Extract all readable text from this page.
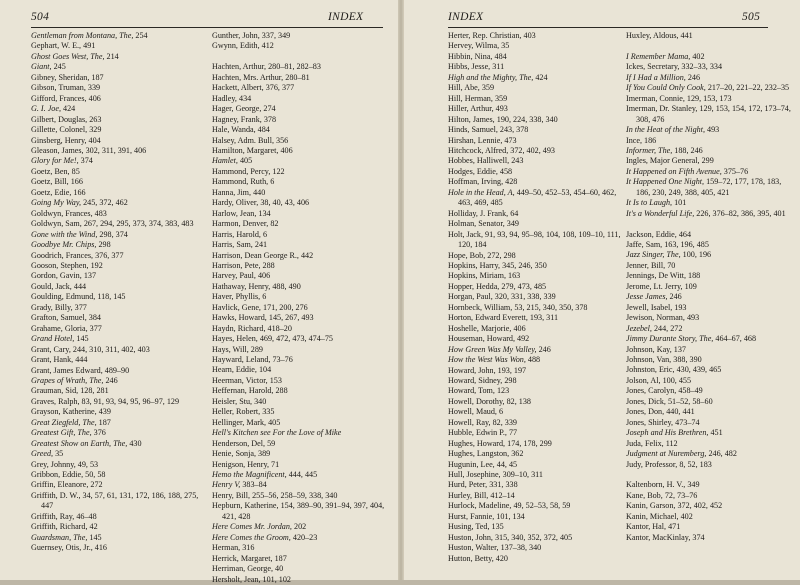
504	INDEX
Gentleman from Montana, The, 254
Gephart, W. E., 491
Ghost Goes West, The, 214
Giant, 245
Gibney, Sheridan, 187
Gibson, Truman, 339
Gifford, Frances, 406
G. I. Joe, 424
Gilbert, Douglas, 263
Gillette, Colonel, 329
Ginsberg, Henry, 404
Gleason, James, 302, 311, 391, 406
Glory for Me!, 374
Goetz, Ben, 85
Goetz, Bill, 166
Goetz, Edie, 166
Going My Way, 245, 372, 462
Goldwyn, Frances, 483
Goldwyn, Sam, 267, 294, 295, 373, 374, 383, 483
Gone with the Wind, 298, 374
Goodbye Mr. Chips, 298
Goodrich, Frances, 376, 377
Gooson, Stephen, 192
Gordon, Gavin, 137
Gould, Jack, 444
Goulding, Edmund, 118, 145
Grady, Billy, 377
Grafton, Samuel, 384
Grahame, Gloria, 377
Grand Hotel, 145
Grant, Cary, 244, 310, 311, 402, 403
Grant, Hank, 444
Grant, James Edward, 489–90
Grapes of Wrath, The, 246
Grauman, Sid, 128, 281
Graves, Ralph, 83, 91, 93, 94, 95, 96–97, 129
Grayson, Katherine, 439
Great Ziegfeld, The, 187
Greatest Gift, The, 376
Greatest Show on Earth, The, 430
Greed, 35
Grey, Johnny, 49, 53
Gribbon, Eddie, 50, 58
Griffin, Eleanore, 272
Griffith, D. W., 34, 57, 61, 131, 172, 186, 188, 275, 447
Griffith, Ray, 46–48
Griffith, Richard, 42
Guardsman, The, 145
Guernsey, Otis, Jr., 416
Gunther, John, 337, 349
Gwynn, Edith, 412
Hachten, Arthur, 280–81, 282–83
Hachten, Mrs. Arthur, 280–81
Hackett, Albert, 376, 377
Hadley, 434
Hager, George, 274
Hagney, Frank, 378
Hale, Wanda, 484
Halsey, Adm. Bull, 356
Hamilton, Margaret, 406
Hamlet, 405
Hammond, Percy, 122
Hammond, Ruth, 6
Hanna, Jim, 440
Hardy, Oliver, 38, 40, 43, 406
Harlow, Jean, 134
Harmon, Denver, 82
Harris, Harold, 6
Harris, Sam, 241
Harrison, Dean George R., 442
Harrison, Pete, 288
Harvey, Paul, 406
Hathaway, Henry, 488, 490
Haver, Phyllis, 6
Havlick, Gene, 171, 200, 276
Hawks, Howard, 145, 267, 493
Haydn, Richard, 418–20
Hayes, Helen, 469, 472, 473, 474–75
Hays, Will, 289
Hayward, Leland, 73–76
Hearn, Eddie, 104
Heerman, Victor, 153
Heffernan, Harold, 288
Heisler, Stu, 340
Heller, Robert, 335
Hellinger, Mark, 405
Hell's Kitchen see For the Love of Mike
Henderson, Del, 59
Henie, Sonja, 389
Henigson, Henry, 71
Hemo the Magnificent, 444, 445
Henry V, 383–84
Henry, Bill, 255–56, 258–59, 338, 340
Hepburn, Katherine, 154, 389–90, 391–94, 397, 404, 421, 428
Here Comes Mr. Jordan, 202
Here Comes the Groom, 420–23
Herman, 316
Herrick, Margaret, 187
Herriman, George, 40
Hersholt, Jean, 101, 102
INDEX	505
Herter, Rep. Christian, 403
Hervey, Wilma, 35
Hibbin, Nina, 484
Hibbs, Jesse, 311
High and the Mighty, The, 424
Hill, Abe, 359
Hill, Herman, 359
Hiller, Arthur, 493
Hilton, James, 190, 224, 338, 340
Hinds, Samuel, 243, 378
Hirshan, Lennie, 473
Hitchcock, Alfred, 372, 402, 493
Hobbes, Halliwell, 243
Hodges, Eddie, 458
Hoffman, Irving, 428
Hole in the Head, A, 449–50, 452–53, 454–60, 462, 463, 469, 485
Holliday, J. Frank, 64
Holman, Senator, 349
Holt, Jack, 91, 93, 94, 95–98, 104, 108, 109–10, 111, 120, 184
Hope, Bob, 272, 298
Hopkins, Harry, 345, 246, 350
Hopkins, Miriam, 163
Hopper, Hedda, 279, 473, 485
Horgan, Paul, 320, 331, 338, 339
Hornbeck, William, 53, 215, 340, 350, 378
Horton, Edward Everett, 193, 311
Hoshelle, Marjorie, 406
Houseman, Howard, 492
How Green Was My Valley, 246
How the West Was Won, 488
Howard, John, 193, 197
Howard, Sidney, 298
Howard, Tom, 123
Howell, Dorothy, 82, 138
Howell, Maud, 6
Howell, Ray, 82, 339
Hubble, Edwin P., 77
Hughes, Howard, 174, 178, 299
Hughes, Langston, 362
Hugunin, Lee, 44, 45
Hull, Josephine, 309–10, 311
Hurd, Peter, 331, 338
Hurley, Bill, 412–14
Hurlock, Madeline, 49, 52–53, 58, 59
Hurst, Fannie, 101, 134
Husing, Ted, 135
Huston, John, 315, 340, 352, 372, 405
Huston, Walter, 137–38, 340
Hutton, Betty, 420
Huxley, Aldous, 441
I Remember Mama, 402
Ickes, Secretary, 332–33, 334
If I Had a Million, 246
If You Could Only Cook, 217–20, 221–22, 232–35
Imerman, Connie, 129, 153, 173
Imerman, Dr. Stanley, 129, 153, 154, 172, 173–74, 308, 476
In the Heat of the Night, 493
Ince, 186
Informer, The, 188, 246
Ingles, Major General, 299
It Happened on Fifth Avenue, 375–76
It Happened One Night, 159–72, 177, 178, 183, 186, 230, 249, 388, 405, 421
It Is to Laugh, 101
It's a Wonderful Life, 226, 376–82, 386, 395, 401
Jackson, Eddie, 464
Jaffe, Sam, 163, 196, 485
Jazz Singer, The, 100, 196
Jenner, Bill, 70
Jennings, De Witt, 188
Jerome, Lt. Jerry, 109
Jesse James, 246
Jewell, Isabel, 193
Jewison, Norman, 493
Jezebel, 244, 272
Jimmy Durante Story, The, 464–67, 468
Johnson, Kay, 137
Johnson, Van, 388, 390
Johnston, Eric, 430, 439, 465
Jolson, Al, 100, 455
Jones, Carolyn, 458–49
Jones, Dick, 51–52, 58–60
Jones, Don, 440, 441
Jones, Shirley, 473–74
Joseph and His Brethren, 451
Juda, Felix, 112
Judgment at Nuremberg, 246, 482
Judy, Professor, 8, 52, 183
Kaltenborn, H. V., 349
Kane, Bob, 72, 73–76
Kanin, Garson, 372, 402, 452
Kanin, Michael, 402
Kantor, Hal, 471
Kantor, MacKinlay, 374
